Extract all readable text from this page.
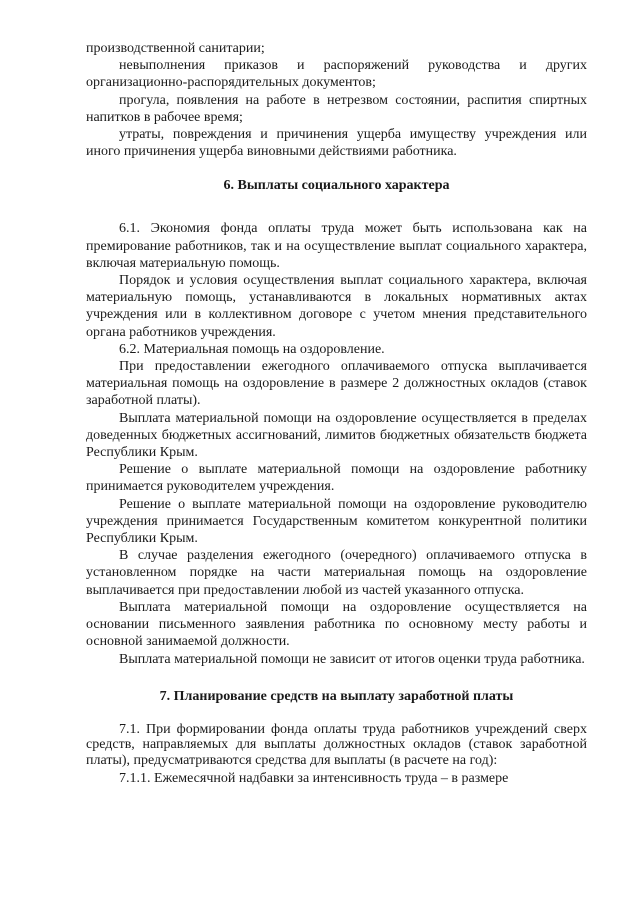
производственной санитарии;

невыполнения приказов и распоряжений руководства и других организационно-распорядительных документов;

прогула, появления на работе в нетрезвом состоянии, распития спиртных напитков в рабочее время;

утраты, повреждения и причинения ущерба имуществу учреждения или иного причинения ущерба виновными действиями работника.

6. Выплаты социального характера

6.1. Экономия фонда оплаты труда может быть использована как на премирование работников, так и на осуществление выплат социального характера, включая материальную помощь.

Порядок и условия осуществления выплат социального характера, включая материальную помощь, устанавливаются в локальных нормативных актах учреждения или в коллективном договоре с учетом мнения представительного органа работников учреждения.

6.2. Материальная помощь на оздоровление.

При предоставлении ежегодного оплачиваемого отпуска выплачивается материальная помощь на оздоровление в размере 2 должностных окладов (ставок заработной платы).

Выплата материальной помощи на оздоровление осуществляется в пределах доведенных бюджетных ассигнований, лимитов бюджетных обязательств бюджета Республики Крым.

Решение о выплате материальной помощи на оздоровление работнику принимается руководителем учреждения.

Решение о выплате материальной помощи на оздоровление руководителю учреждения принимается Государственным комитетом конкурентной политики Республики Крым.

В случае разделения ежегодного (очередного) оплачиваемого отпуска в установленном порядке на части материальная помощь на оздоровление выплачивается при предоставлении любой из частей указанного отпуска.

Выплата материальной помощи на оздоровление осуществляется на основании письменного заявления работника по основному месту работы и основной занимаемой должности.

Выплата материальной помощи не зависит от итогов оценки труда работника.

7. Планирование средств на выплату заработной платы

7.1. При формировании фонда оплаты труда работников учреждений сверх средств, направляемых для выплаты должностных окладов (ставок заработной платы), предусматриваются средства для выплаты (в расчете на год):

7.1.1. Ежемесячной надбавки за интенсивность труда – в размере
